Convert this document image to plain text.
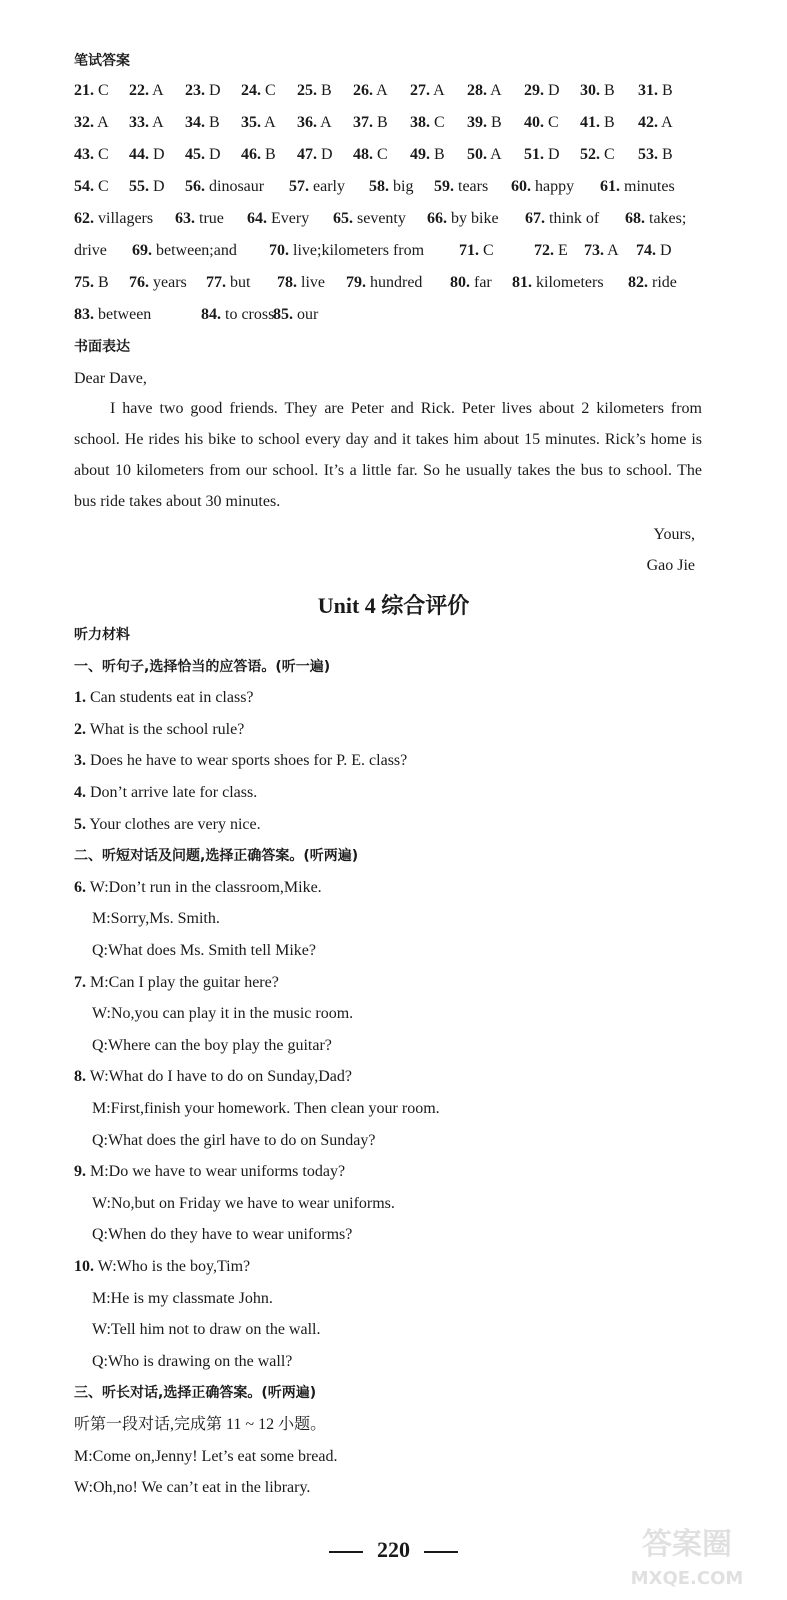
笔试答案
21. C 22. A 23. D 24. C 25. B 26. A 27. A 28. A 29. D 30. B 31. B
32. A 33. A 34. B 35. A 36. A 37. B 38. C 39. B 40. C 41. B 42. A
43. C 44. D 45. D 46. B 47. D 48. C 49. B 50. A 51. D 52. C 53. B
54. C 55. D 56. dinosaur 57. early 58. big 59. tears 60. happy 61. minutes
62. villagers 63. true 64. Every 65. seventy 66. by bike 67. think of 68. takes;
drive 69. between;and 70. live;kilometers from 71. C	72. E 73. A 74. D
75. B 76. years 77. but 78. live 79. hundred 80. far 81. kilometers 82. ride
83. between	84. to cross
85. our
书面表达
Dear Dave,

I have two good friends. They are Peter and Rick. Peter lives about 2 kilometers from school. He rides his bike to school every day and it takes him about 15 minutes. Rick’s home is about 10 kilometers from our school. It’s a little far. So he usually takes the bus to school. The bus ride takes about 30 minutes.

Yours,
Gao Jie
Unit 4 综合评价
听力材料
一、听句子,选择恰当的应答语。(听一遍)
1. Can students eat in class?
2. What is the school rule?
3. Does he have to wear sports shoes for P. E. class?
4. Don’t arrive late for class.
5. Your clothes are very nice.
二、听短对话及问题,选择正确答案。(听两遍)
6. W:Don’t run in the classroom,Mike.
M:Sorry,Ms. Smith.
Q:What does Ms. Smith tell Mike?
7. M:Can I play the guitar here?
W:No,you can play it in the music room.
Q:Where can the boy play the guitar?
8. W:What do I have to do on Sunday,Dad?
M:First,finish your homework. Then clean your room.
Q:What does the girl have to do on Sunday?
9. M:Do we have to wear uniforms today?
W:No,but on Friday we have to wear uniforms.
Q:When do they have to wear uniforms?
10. W:Who is the boy,Tim?
M:He is my classmate John.
W:Tell him not to draw on the wall.
Q:Who is drawing on the wall?
三、听长对话,选择正确答案。(听两遍)
听第一段对话,完成第 11 ~ 12 小题。
M:Come on,Jenny! Let’s eat some bread.
W:Oh,no! We can’t eat in the library.
220	答案圈
MXQE.COM
